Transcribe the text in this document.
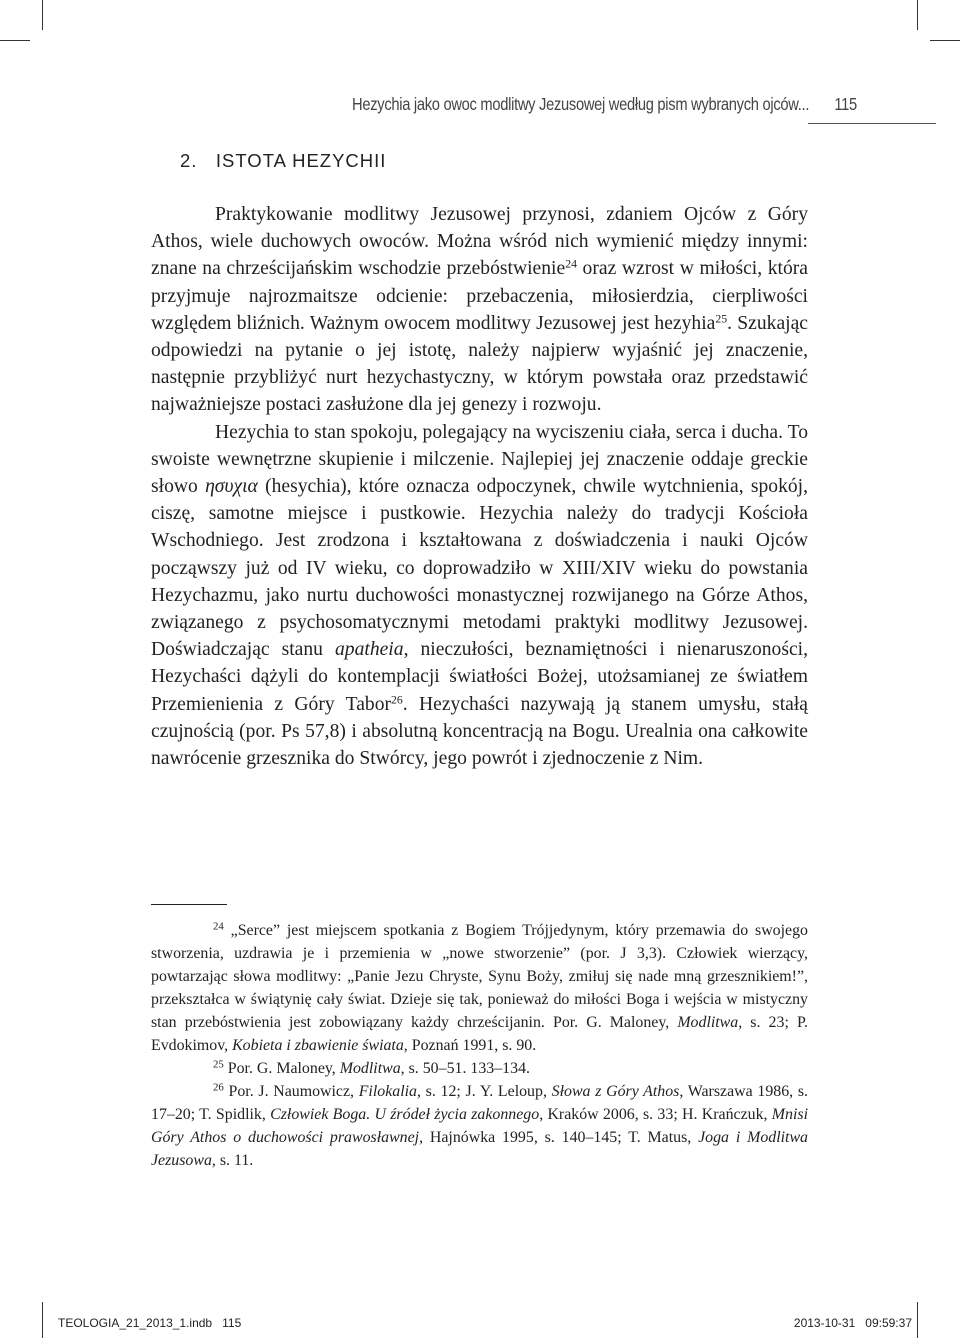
Hezychia jako owoc modlitwy Jezusowej według pism wybranych ojców... 115
2. ISTOTA HEZYCHII

Praktykowanie modlitwy Jezusowej przynosi, zdaniem Ojców z Góry Athos, wiele duchowych owoców. Można wśród nich wymienić między innymi: znane na chrześcijańskim wschodzie przebóstwienie$^{24}$ oraz wzrost w miłości, która przyjmuje najrozmaitsze odcienie: przebaczenia, miłosierdzia, cierpliwości względem bliźnich. Ważnym owocem modlitwy Jezusowej jest hezyhia$^{25}$. Szukając odpowiedzi na pytanie o jej istotę, należy najpierw wyjaśnić jej znaczenie, następnie przybliżyć nurt hezychastyczny, w którym powstała oraz przedstawić najważniejsze postaci zasłużone dla jej genezy i rozwoju.

Hezychia to stan spokoju, polegający na wyciszeniu ciała, serca i ducha. To swoiste wewnętrzne skupienie i milczenie. Najlepiej jej znaczenie oddaje greckie słowo ησυχια (hesychia), które oznacza odpoczynek, chwile wytchnienia, spokój, ciszę, samotne miejsce i pustkowie. Hezychia należy do tradycji Kościoła Wschodniego. Jest zrodzona i kształtowana z doświadczenia i nauki Ojców począwszy już od IV wieku, co doprowadziło w XIII/XIV wieku do powstania Hezychazmu, jako nurtu duchowości monastycznej rozwijanego na Górze Athos, związanego z psychosomatycznymi metodami praktyki modlitwy Jezusowej. Doświadczając stanu apatheia, nieczułości, beznamiętności i nienaruszoności, Hezychaści dążyli do kontemplacji światłości Bożej, utożsamianej ze światłem Przemienienia z Góry Tabor$^{26}$. Hezychaści nazywają ją stanem umysłu, stałą czujnością (por. Ps 57,8) i absolutną koncentracją na Bogu. Urealnia ona całkowite nawrócenie grzesznika do Stwórcy, jego powrót i zjednoczenie z Nim.

$^{24}$ „Serce” jest miejscem spotkania z Bogiem Trójjedynym, który przemawia do swojego stworzenia, uzdrawia je i przemienia w „nowe stworzenie” (por. J 3,3). Człowiek wierzący, powtarzając słowa modlitwy: „Panie Jezu Chryste, Synu Boży, zmiłuj się nade mną grzesznikiem!”, przekształca w świątynię cały świat. Dzieje się tak, ponieważ do miłości Boga i wejścia w mistyczny stan przebóstwienia jest zobowiązany każdy chrześcijanin. Por. G. Maloney, Modlitwa, s. 23; P. Evdokimov, Kobieta i zbawienie świata, Poznań 1991, s. 90.

$^{25}$ Por. G. Maloney, Modlitwa, s. 50–51. 133–134.

$^{26}$ Por. J. Naumowicz, Filokalia, s. 12; J. Y. Leloup, Słowa z Góry Athos, Warszawa 1986, s. 17–20; T. Spidlik, Człowiek Boga. U źródeł życia zakonnego, Kraków 2006, s. 33; H. Krańczuk, Mnisi Góry Athos o duchowości prawosławnej, Hajnówka 1995, s. 140–145; T. Matus, Joga i Modlitwa Jezusowa, s. 11.

TEOLOGIA_21_2013_1.indb   115	2013-10-31   09:59:37
